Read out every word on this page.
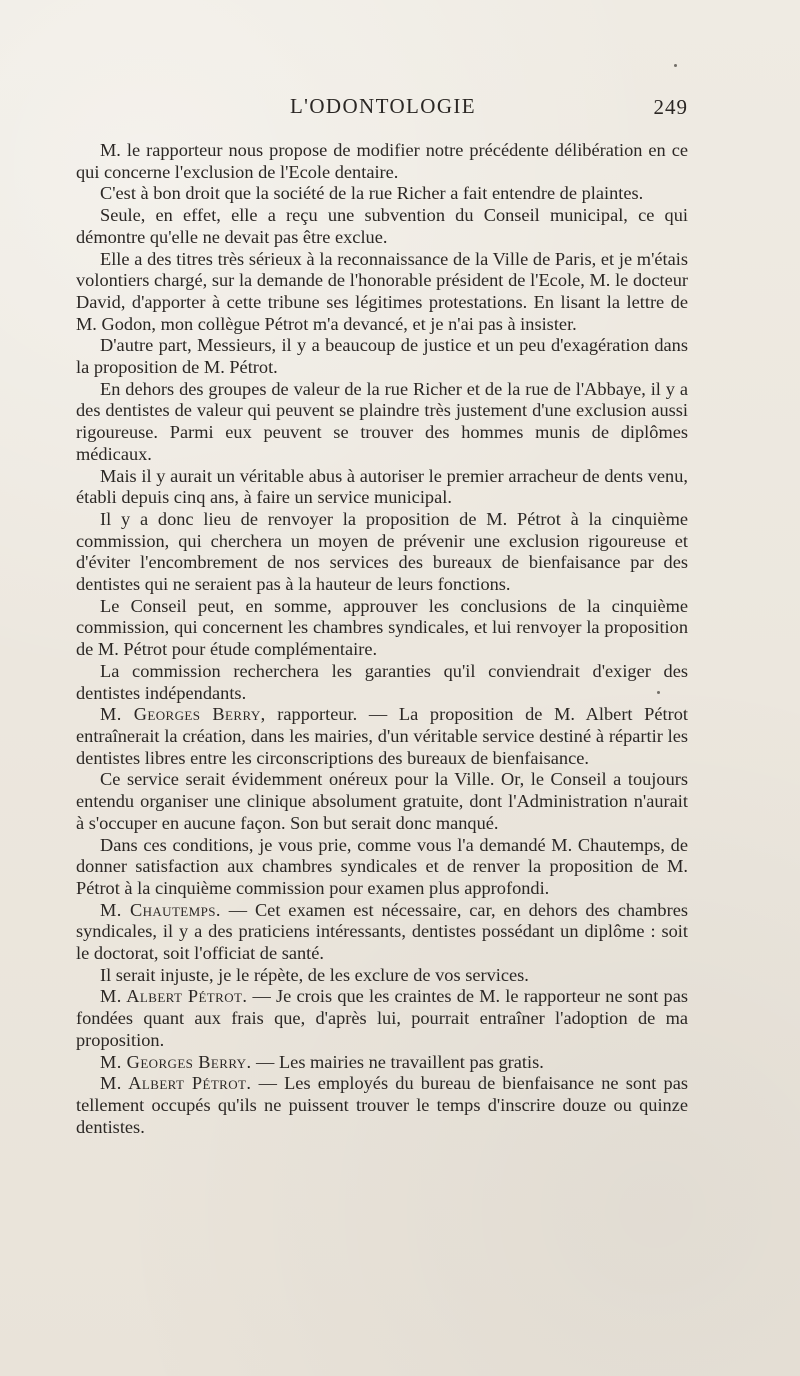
L'ODONTOLOGIE	249

M. le rapporteur nous propose de modifier notre précédente délibération en ce qui concerne l'exclusion de l'Ecole dentaire.

C'est à bon droit que la société de la rue Richer a fait entendre de plaintes.

Seule, en effet, elle a reçu une subvention du Conseil municipal, ce qui démontre qu'elle ne devait pas être exclue.

Elle a des titres très sérieux à la reconnaissance de la Ville de Paris, et je m'étais volontiers chargé, sur la demande de l'honorable président de l'Ecole, M. le docteur David, d'apporter à cette tribune ses légitimes protestations. En lisant la lettre de M. Godon, mon collègue Pétrot m'a devancé, et je n'ai pas à insister.

D'autre part, Messieurs, il y a beaucoup de justice et un peu d'exagération dans la proposition de M. Pétrot.

En dehors des groupes de valeur de la rue Richer et de la rue de l'Abbaye, il y a des dentistes de valeur qui peuvent se plaindre très justement d'une exclusion aussi rigoureuse. Parmi eux peuvent se trouver des hommes munis de diplômes médicaux.

Mais il y aurait un véritable abus à autoriser le premier arracheur de dents venu, établi depuis cinq ans, à faire un service municipal.

Il y a donc lieu de renvoyer la proposition de M. Pétrot à la cinquième commission, qui cherchera un moyen de prévenir une exclusion rigoureuse et d'éviter l'encombrement de nos services des bureaux de bienfaisance par des dentistes qui ne seraient pas à la hauteur de leurs fonctions.

Le Conseil peut, en somme, approuver les conclusions de la cinquième commission, qui concernent les chambres syndicales, et lui renvoyer la proposition de M. Pétrot pour étude complémentaire.

La commission recherchera les garanties qu'il conviendrait d'exiger des dentistes indépendants.

M. Georges Berry, rapporteur. — La proposition de M. Albert Pétrot entraînerait la création, dans les mairies, d'un véritable service destiné à répartir les dentistes libres entre les circonscriptions des bureaux de bienfaisance.

Ce service serait évidemment onéreux pour la Ville. Or, le Conseil a toujours entendu organiser une clinique absolument gratuite, dont l'Administration n'aurait à s'occuper en aucune façon. Son but serait donc manqué.

Dans ces conditions, je vous prie, comme vous l'a demandé M. Chautemps, de donner satisfaction aux chambres syndicales et de renver la proposition de M. Pétrot à la cinquième commission pour examen plus approfondi.

M. Chautemps. — Cet examen est nécessaire, car, en dehors des chambres syndicales, il y a des praticiens intéressants, dentistes possédant un diplôme : soit le doctorat, soit l'officiat de santé.

Il serait injuste, je le répète, de les exclure de vos services.

M. Albert Pétrot. — Je crois que les craintes de M. le rapporteur ne sont pas fondées quant aux frais que, d'après lui, pourrait entraîner l'adoption de ma proposition.

M. Georges Berry. — Les mairies ne travaillent pas gratis.

M. Albert Pétrot. — Les employés du bureau de bienfaisance ne sont pas tellement occupés qu'ils ne puissent trouver le temps d'inscrire douze ou quinze dentistes.
